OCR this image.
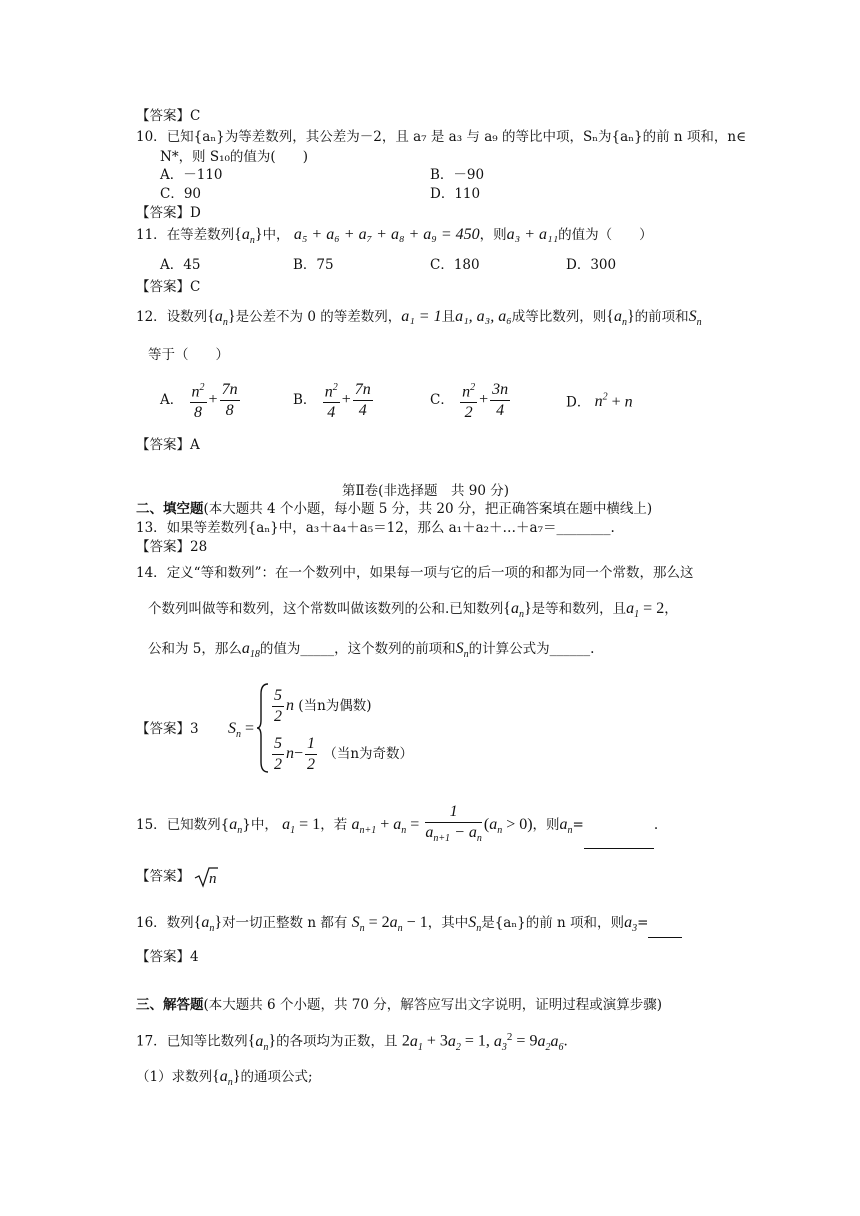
【答案】C
10．已知{aₙ}为等差数列，其公差为－2，且 a₇ 是 a₃ 与 a₉ 的等比中项，Sₙ为{aₙ}的前 n 项和，n∈
N*，则 S₁₀的值为(　　)
A．－110	B．－90
C．90	D．110
【答案】D
11．在等差数列$\{a_n\}$中， a₅ + a₆ + a₇ + a₈ + a₉ = 450，则a₃ + a₁₁的值为（　　）
A．45	B．75	C．180	D．300
【答案】C
12．设数列$\{a_n\}$是公差不为 0 的等差数列，a₁ = 1且a₁, a₃, a₆成等比数列，则$\{a_n\}$的前项和$S_n$
等于（　　）
A． $\frac{n^2}{8} + \frac{7n}{8}$	B． $\frac{n^2}{4} + \frac{7n}{4}$	C． $\frac{n^2}{2} + \frac{3n}{4}$	D． $n^2 + n$
【答案】A
第Ⅱ卷(非选择题　共 90 分)
二、填空题(本大题共 4 个小题，每小题 5 分，共 20 分，把正确答案填在题中横线上)
13．如果等差数列{aₙ}中，a₃＋a₄＋a₅＝12，那么 a₁＋a₂＋…＋a₇＝________.
【答案】28
14．定义“等和数列”：在一个数列中，如果每一项与它的后一项的和都为同一个常数，那么这
个数列叫做等和数列，这个常数叫做该数列的公和.已知数列$\{a_n\}$是等和数列，且$a_1 = 2$，
公和为 5，那么$a_{18}$的值为_____，这个数列的前项和$S_n$的计算公式为______.
【答案】3 $S_n$ =
$\frac{5}{2}$ n (当n为偶数)
$\frac{5}{2} n- \frac{1}{2}$ （当n为奇数）
15．已知数列$\{a_n\}$中， $a_1 = 1$，若 $a_{n+1} + a_n = \frac{1}{a_{n+1} - a_n} (a_n > 0)$，则$a_n=$	.
【答案】 n
16．数列$\{a_n\}$对一切正整数 n 都有 $S_n = 2a_n - 1$，其中$S_n$是{aₙ}的前 n 项和，则$a_3=$
【答案】4
三、解答题(本大题共 6 个小题，共 70 分，解答应写出文字说明，证明过程或演算步骤)
17．已知等比数列$\{a_n\}$的各项均为正数，且 $2a_1 + 3a_2 = 1$, $a_3^2 = 9a_2a_6$.
（1）求数列$\{a_n\}$的通项公式;
